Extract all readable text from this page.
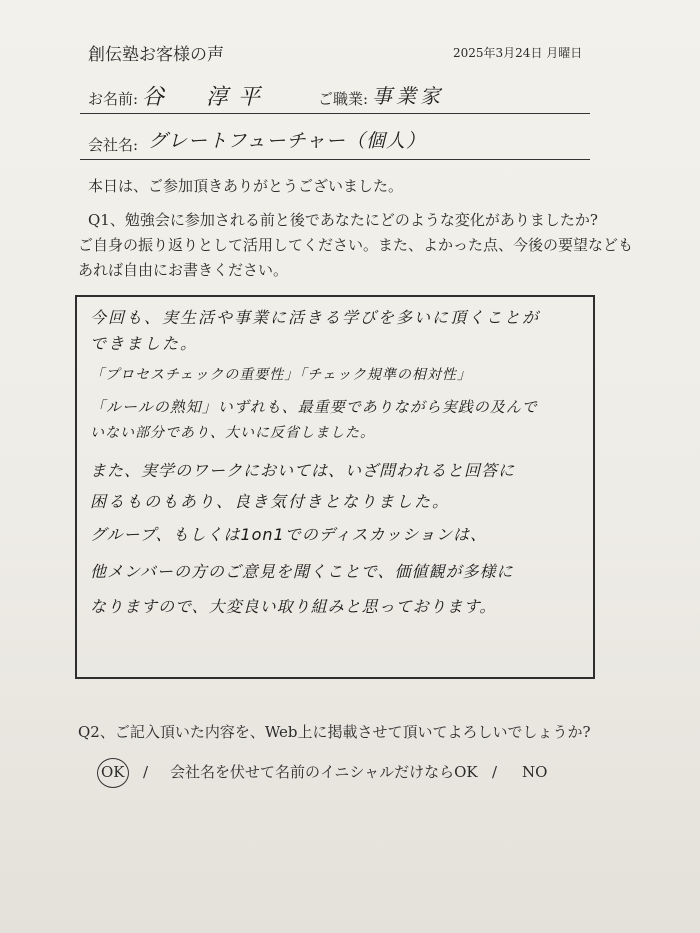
創伝塾お客様の声	2025年3月24日 月曜日
お名前: 谷　淳平	ご職業: 事業家
会社名: グレートフューチャー（個人）
本日は、ご参加頂きありがとうございました。
Q1、勉強会に参加される前と後であなたにどのような変化がありましたか?
ご自身の振り返りとして活用してください。また、よかった点、今後の要望なども
あれば自由にお書きください。
今回も、実生活や事業に活きる学びを多いに頂くことが
できました。
「プロセスチェックの重要性」「チェック規準の相対性」
「ルールの熟知」いずれも、最重要でありながら実践の及んで
いない部分であり、大いに反省しました。
また、実学のワークにおいては、いざ問われると回答に
困るものもあり、良き気付きとなりました。
グループ、もしくは1on1でのディスカッションは、
他メンバーの方のご意見を聞くことで、価値観が多様に
なりますので、大変良い取り組みと思っております。
Q2、ご記入頂いた内容を、Web上に掲載させて頂いてよろしいでしょうか?
OK / 会社名を伏せて名前のイニシャルだけならOK / NO
